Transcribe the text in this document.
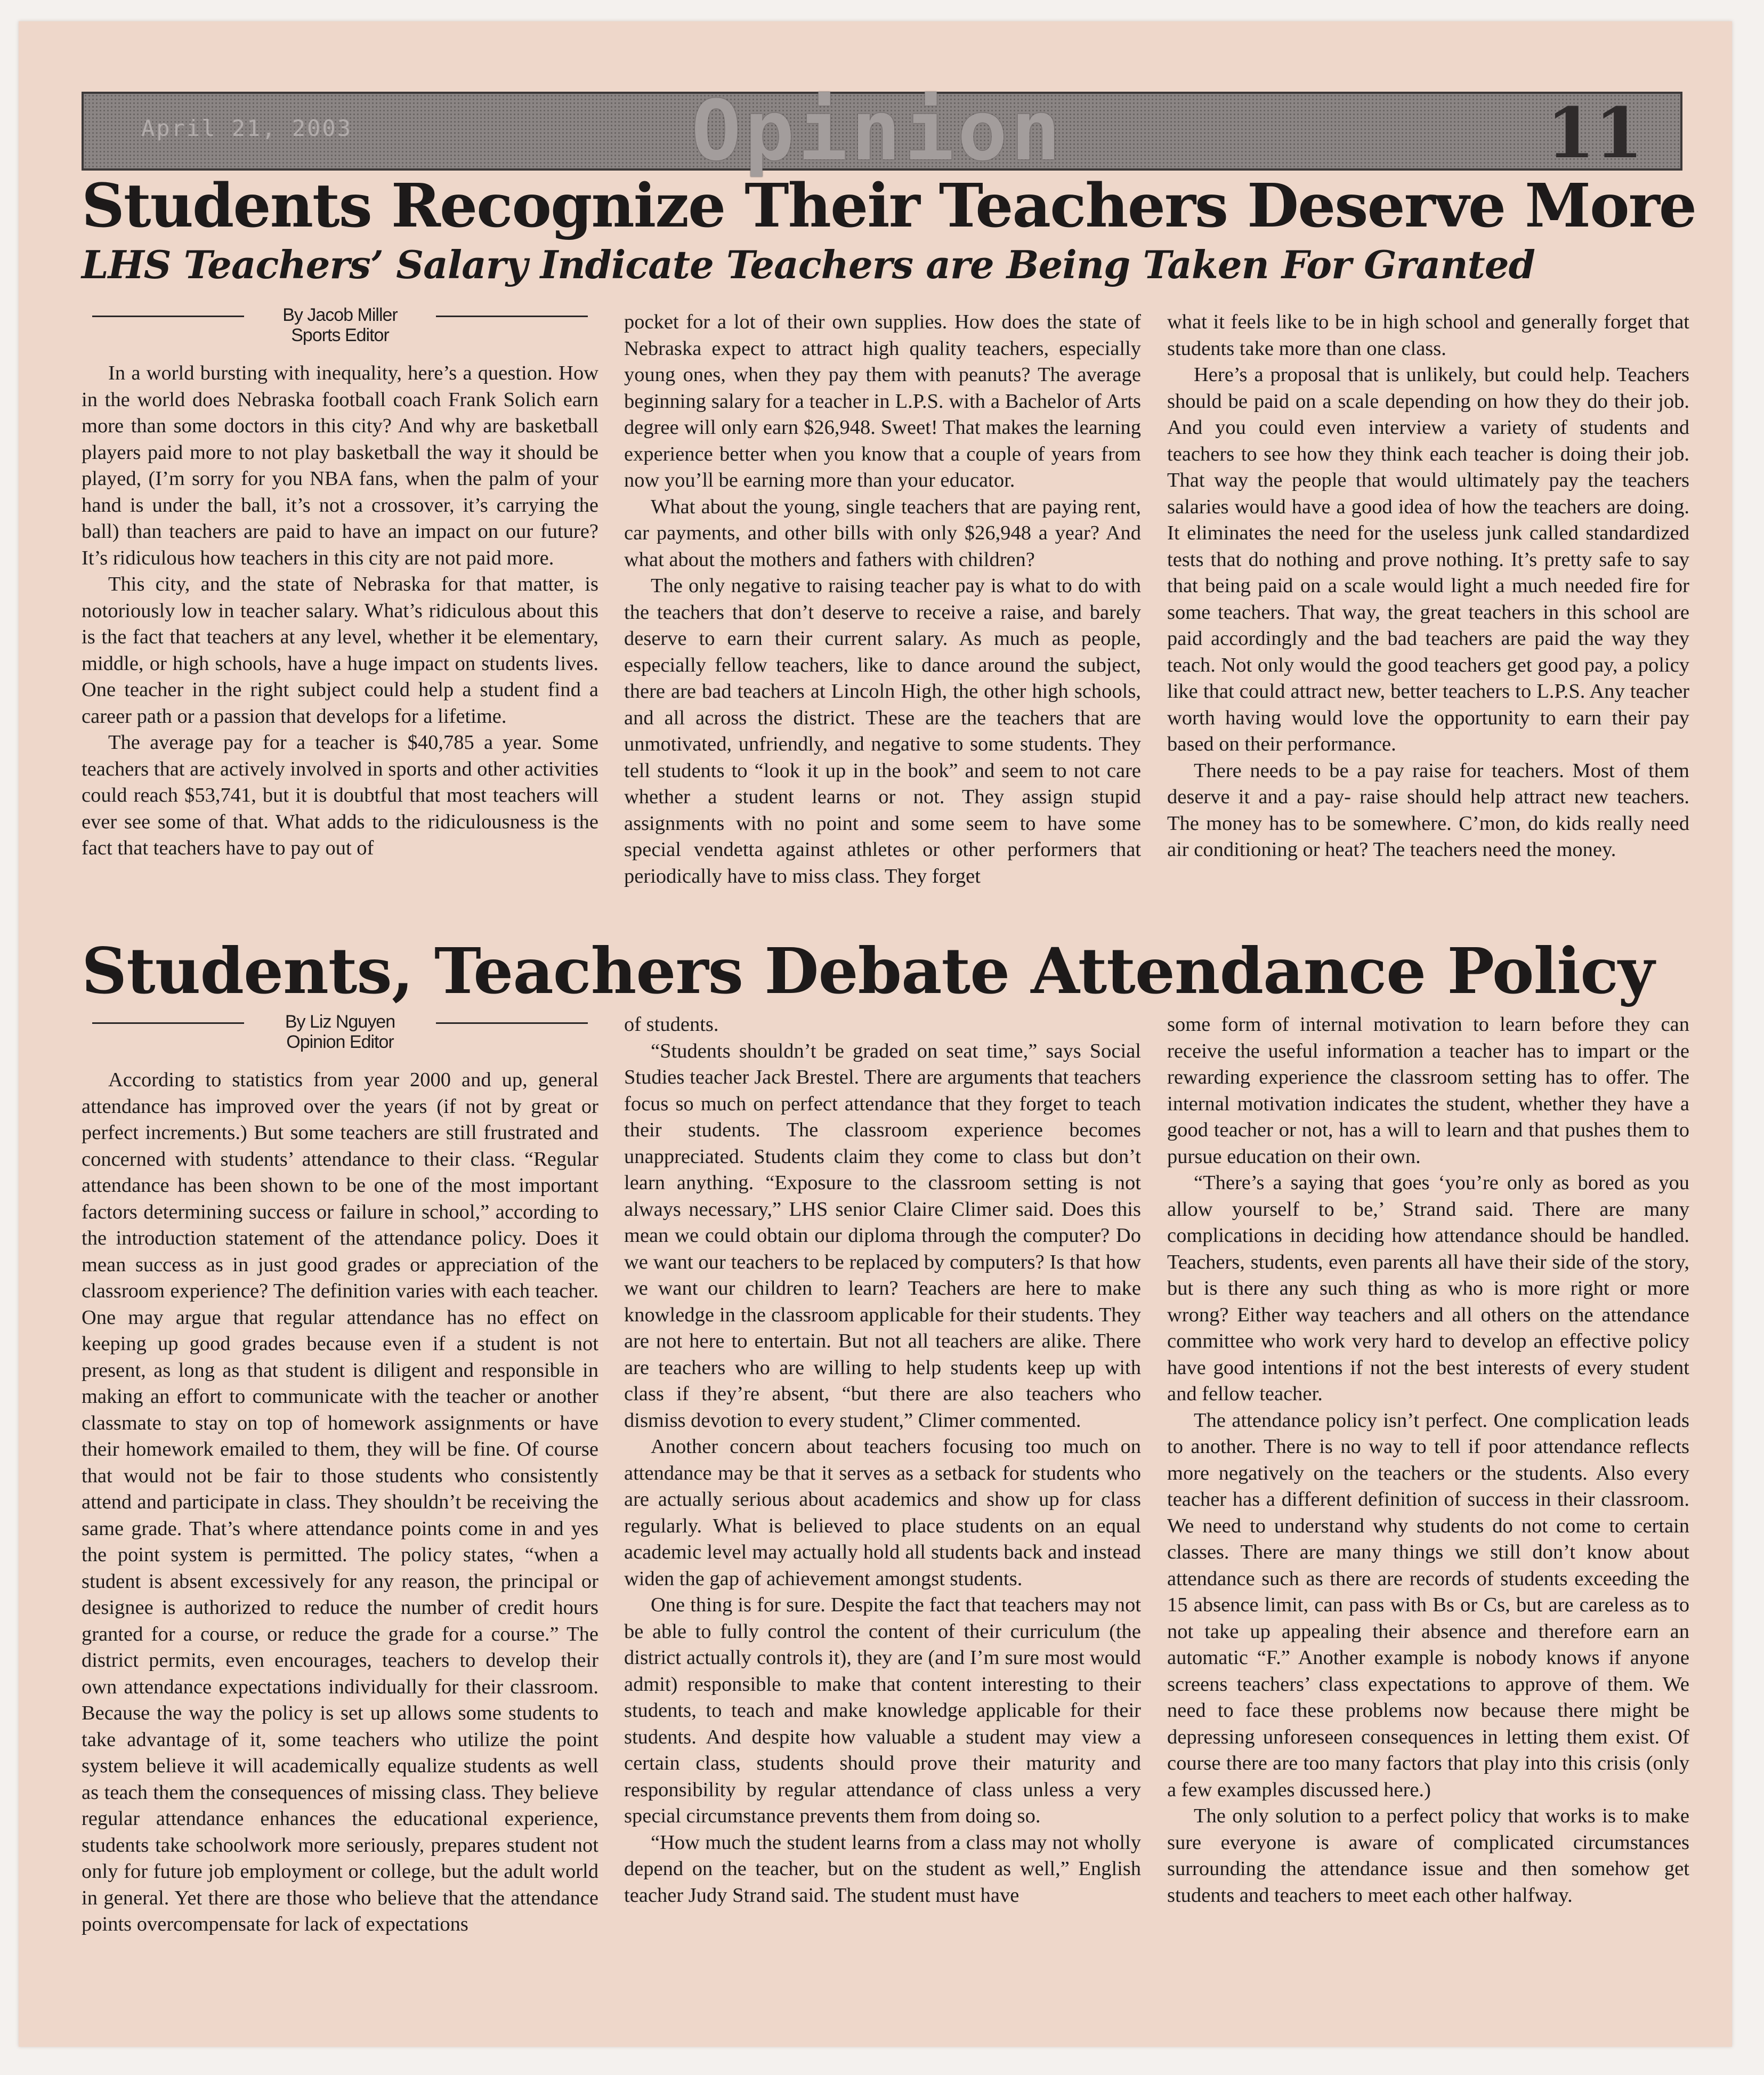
April 21, 2003	Opinion	11
Students Recognize Their Teachers Deserve More
LHS Teachers’ Salary Indicate Teachers are Being Taken For Granted
By Jacob Miller
Sports Editor

In a world bursting with inequality, here’s a question. How in the world does Nebraska football coach Frank Solich earn more than some doctors in this city? And why are basketball players paid more to not play basketball the way it should be played, (I’m sorry for you NBA fans, when the palm of your hand is under the ball, it’s not a crossover, it’s carrying the ball) than teachers are paid to have an impact on our future? It’s ridiculous how teachers in this city are not paid more.

This city, and the state of Nebraska for that matter, is notoriously low in teacher salary. What’s ridiculous about this is the fact that teachers at any level, whether it be elementary, middle, or high schools, have a huge impact on students lives. One teacher in the right subject could help a student find a career path or a passion that develops for a lifetime.

The average pay for a teacher is $40,785 a year. Some teachers that are actively involved in sports and other activities could reach $53,741, but it is doubtful that most teachers will ever see some of that. What adds to the ridiculousness is the fact that teachers have to pay out of

pocket for a lot of their own supplies. How does the state of Nebraska expect to attract high quality teachers, especially young ones, when they pay them with peanuts? The average beginning salary for a teacher in L.P.S. with a Bachelor of Arts degree will only earn $26,948. Sweet! That makes the learning experience better when you know that a couple of years from now you’ll be earning more than your educator.

What about the young, single teachers that are paying rent, car payments, and other bills with only $26,948 a year? And what about the mothers and fathers with children?

The only negative to raising teacher pay is what to do with the teachers that don’t deserve to receive a raise, and barely deserve to earn their current salary. As much as people, especially fellow teachers, like to dance around the subject, there are bad teachers at Lincoln High, the other high schools, and all across the district. These are the teachers that are unmotivated, unfriendly, and negative to some students. They tell students to “look it up in the book” and seem to not care whether a student learns or not. They assign stupid assignments with no point and some seem to have some special vendetta against athletes or other performers that periodically have to miss class. They forget

what it feels like to be in high school and generally forget that students take more than one class.

Here’s a proposal that is unlikely, but could help. Teachers should be paid on a scale depending on how they do their job. And you could even interview a variety of students and teachers to see how they think each teacher is doing their job. That way the people that would ultimately pay the teachers salaries would have a good idea of how the teachers are doing. It eliminates the need for the useless junk called standardized tests that do nothing and prove nothing. It’s pretty safe to say that being paid on a scale would light a much needed fire for some teachers. That way, the great teachers in this school are paid accordingly and the bad teachers are paid the way they teach. Not only would the good teachers get good pay, a policy like that could attract new, better teachers to L.P.S. Any teacher worth having would love the opportunity to earn their pay based on their performance.

There needs to be a pay raise for teachers. Most of them deserve it and a pay- raise should help attract new teachers. The money has to be somewhere. C’mon, do kids really need air conditioning or heat? The teachers need the money.

Students, Teachers Debate Attendance Policy
By Liz Nguyen
Opinion Editor

According to statistics from year 2000 and up, general attendance has improved over the years (if not by great or perfect increments.) But some teachers are still frustrated and concerned with students’ attendance to their class. “Regular attendance has been shown to be one of the most important factors determining success or failure in school,” according to the introduction statement of the attendance policy. Does it mean success as in just good grades or appreciation of the classroom experience? The definition varies with each teacher. One may argue that regular attendance has no effect on keeping up good grades because even if a student is not present, as long as that student is diligent and responsible in making an effort to communicate with the teacher or another classmate to stay on top of homework assignments or have their homework emailed to them, they will be fine. Of course that would not be fair to those students who consistently attend and participate in class. They shouldn’t be receiving the same grade. That’s where attendance points come in and yes the point system is permitted. The policy states, “when a student is absent excessively for any reason, the principal or designee is authorized to reduce the number of credit hours granted for a course, or reduce the grade for a course.” The district permits, even encourages, teachers to develop their own attendance expectations individually for their classroom. Because the way the policy is set up allows some students to take advantage of it, some teachers who utilize the point system believe it will academically equalize students as well as teach them the consequences of missing class. They believe regular attendance enhances the educational experience, students take schoolwork more seriously, prepares student not only for future job employment or college, but the adult world in general. Yet there are those who believe that the attendance points overcompensate for lack of expectations

of students.

“Students shouldn’t be graded on seat time,” says Social Studies teacher Jack Brestel. There are arguments that teachers focus so much on perfect attendance that they forget to teach their students. The classroom experience becomes unappreciated. Students claim they come to class but don’t learn anything. “Exposure to the classroom setting is not always necessary,” LHS senior Claire Climer said. Does this mean we could obtain our diploma through the computer? Do we want our teachers to be replaced by computers? Is that how we want our children to learn? Teachers are here to make knowledge in the classroom applicable for their students. They are not here to entertain. But not all teachers are alike. There are teachers who are willing to help students keep up with class if they’re absent, “but there are also teachers who dismiss devotion to every student,” Climer commented.

Another concern about teachers focusing too much on attendance may be that it serves as a setback for students who are actually serious about academics and show up for class regularly. What is believed to place students on an equal academic level may actually hold all students back and instead widen the gap of achievement amongst students.

One thing is for sure. Despite the fact that teachers may not be able to fully control the content of their curriculum (the district actually controls it), they are (and I’m sure most would admit) responsible to make that content interesting to their students, to teach and make knowledge applicable for their students. And despite how valuable a student may view a certain class, students should prove their maturity and responsibility by regular attendance of class unless a very special circumstance prevents them from doing so.

“How much the student learns from a class may not wholly depend on the teacher, but on the student as well,” English teacher Judy Strand said. The student must have

some form of internal motivation to learn before they can receive the useful information a teacher has to impart or the rewarding experience the classroom setting has to offer. The internal motivation indicates the student, whether they have a good teacher or not, has a will to learn and that pushes them to pursue education on their own.

“There’s a saying that goes ‘you’re only as bored as you allow yourself to be,’ Strand said. There are many complications in deciding how attendance should be handled. Teachers, students, even parents all have their side of the story, but is there any such thing as who is more right or more wrong? Either way teachers and all others on the attendance committee who work very hard to develop an effective policy have good intentions if not the best interests of every student and fellow teacher.

The attendance policy isn’t perfect. One complication leads to another. There is no way to tell if poor attendance reflects more negatively on the teachers or the students. Also every teacher has a different definition of success in their classroom. We need to understand why students do not come to certain classes. There are many things we still don’t know about attendance such as there are records of students exceeding the 15 absence limit, can pass with Bs or Cs, but are careless as to not take up appealing their absence and therefore earn an automatic “F.” Another example is nobody knows if anyone screens teachers’ class expectations to approve of them. We need to face these problems now because there might be depressing unforeseen consequences in letting them exist. Of course there are too many factors that play into this crisis (only a few examples discussed here.)

The only solution to a perfect policy that works is to make sure everyone is aware of complicated circumstances surrounding the attendance issue and then somehow get students and teachers to meet each other halfway.
